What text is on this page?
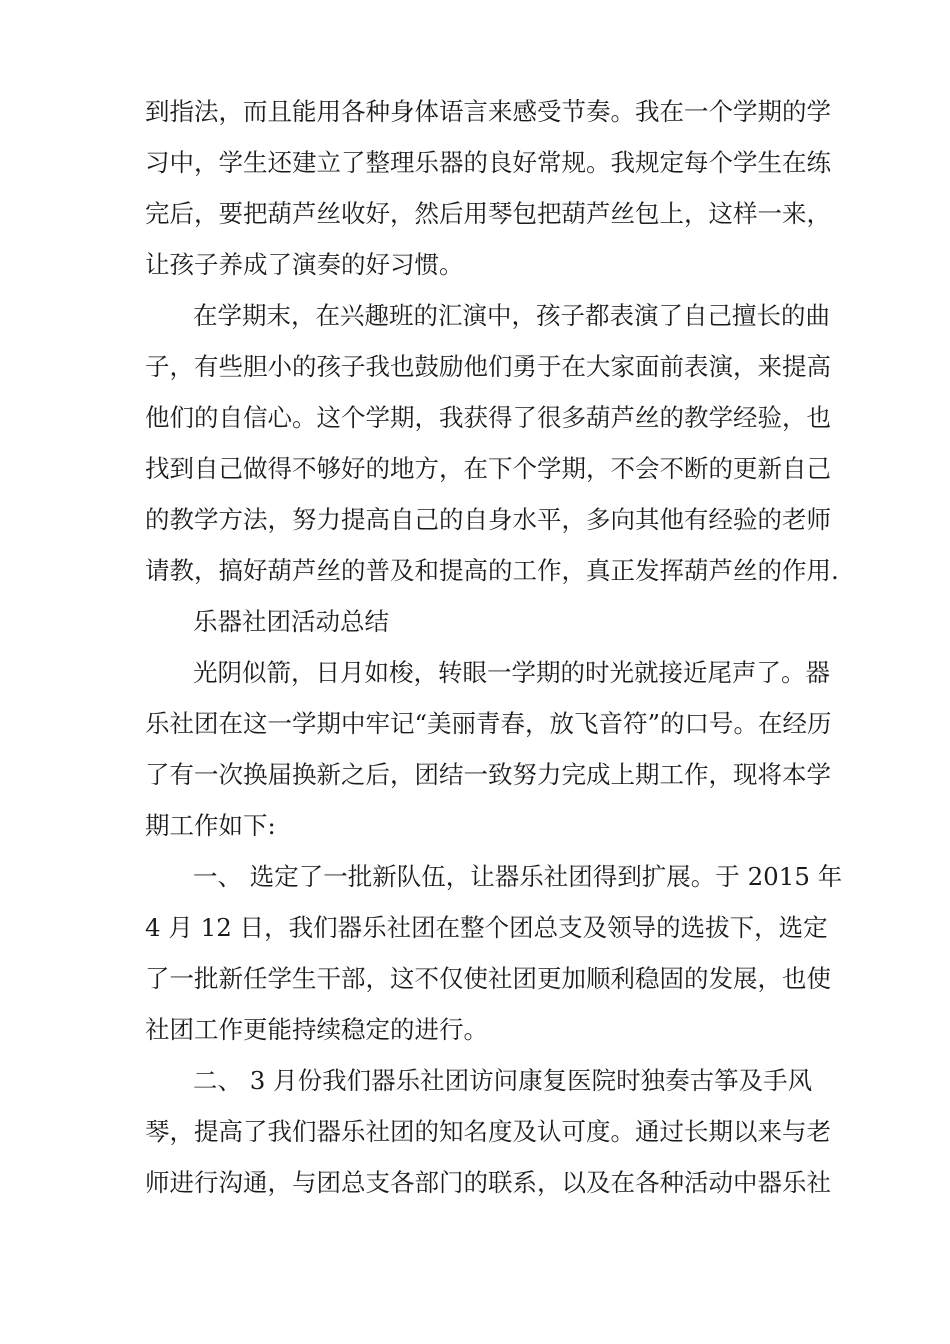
到指法，而且能用各种身体语言来感受节奏。我在一个学期的学
习中，学生还建立了整理乐器的良好常规。我规定每个学生在练
完后，要把葫芦丝收好，然后用琴包把葫芦丝包上，这样一来，
让孩子养成了演奏的好习惯。
在学期末，在兴趣班的汇演中，孩子都表演了自己擅长的曲
子，有些胆小的孩子我也鼓励他们勇于在大家面前表演，来提高
他们的自信心。这个学期，我获得了很多葫芦丝的教学经验，也
找到自己做得不够好的地方，在下个学期，不会不断的更新自己
的教学方法，努力提高自己的自身水平，多向其他有经验的老师
请教，搞好葫芦丝的普及和提高的工作，真正发挥葫芦丝的作用.
乐器社团活动总结
光阴似箭，日月如梭，转眼一学期的时光就接近尾声了。器
乐社团在这一学期中牢记“美丽青春，放飞音符”的口号。在经历
了有一次换届换新之后，团结一致努力完成上期工作，现将本学
期工作如下:
一、 选定了一批新队伍，让器乐社团得到扩展。于 2015 年
4 月 12 日，我们器乐社团在整个团总支及领导的选拔下，选定
了一批新任学生干部，这不仅使社团更加顺利稳固的发展，也使
社团工作更能持续稳定的进行。
二、 3 月份我们器乐社团访问康复医院时独奏古筝及手风
琴，提高了我们器乐社团的知名度及认可度。通过长期以来与老
师进行沟通，与团总支各部门的联系，以及在各种活动中器乐社
